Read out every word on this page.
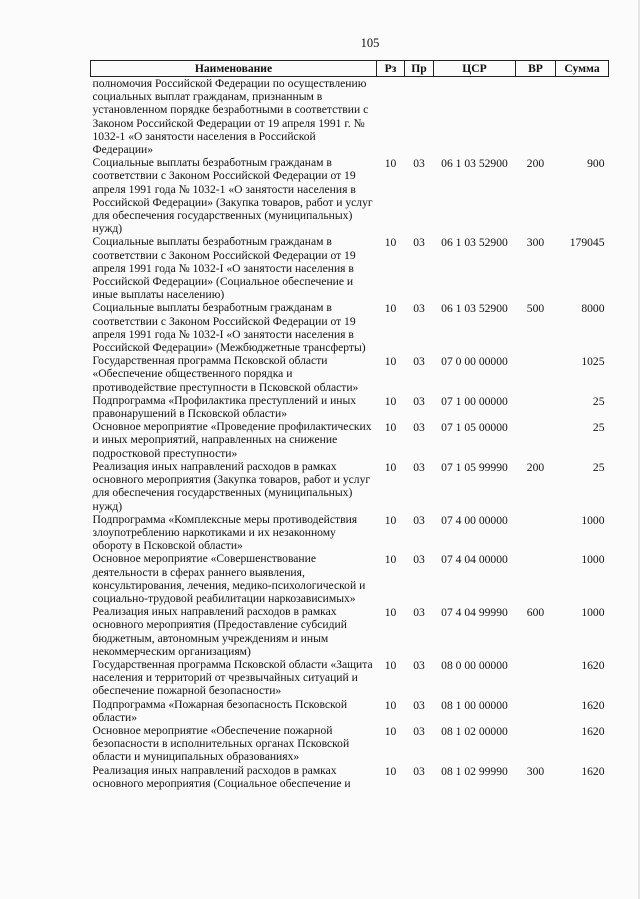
105
Наименование	Рз	Пр	ЦСР	ВР	Сумма
полномочия Российской Федерации по осуществлению социальных выплат гражданам, признанным в установленном порядке безработными в соответствии с Законом Российской Федерации от 19 апреля 1991 г. № 1032-1 «О занятости населения в Российской Федерации»					
Социальные выплаты безработным гражданам в соответствии с Законом Российской Федерации от 19 апреля 1991 года № 1032-1 «О занятости населения в Российской Федерации» (Закупка товаров, работ и услуг для обеспечения государственных (муниципальных) нужд)	10	03	06 1 03 52900	200	900
Социальные выплаты безработным гражданам в соответствии с Законом Российской Федерации от 19 апреля 1991 года № 1032-I «О занятости населения в Российской Федерации» (Социальное обеспечение и иные выплаты населению)	10	03	06 1 03 52900	300	179045
Социальные выплаты безработным гражданам в соответствии с Законом Российской Федерации от 19 апреля 1991 года № 1032-I «О занятости населения в Российской Федерации» (Межбюджетные трансферты)	10	03	06 1 03 52900	500	8000
Государственная программа Псковской области «Обеспечение общественного порядка и противодействие преступности в Псковской области»	10	03	07 0 00 00000		1025
Подпрограмма «Профилактика преступлений и иных правонарушений в Псковской области»	10	03	07 1 00 00000		25
Основное мероприятие «Проведение профилактических и иных мероприятий, направленных на снижение подростковой преступности»	10	03	07 1 05 00000		25
Реализация иных направлений расходов в рамках основного мероприятия (Закупка товаров, работ и услуг для обеспечения государственных (муниципальных) нужд)	10	03	07 1 05 99990	200	25
Подпрограмма «Комплексные меры противодействия злоупотреблению наркотиками и их незаконному обороту в Псковской области»	10	03	07 4 00 00000		1000
Основное мероприятие «Совершенствование деятельности в сферах раннего выявления, консультирования, лечения, медико-психологической и социально-трудовой реабилитации наркозависимых»	10	03	07 4 04 00000		1000
Реализация иных направлений расходов в рамках основного мероприятия (Предоставление субсидий бюджетным, автономным учреждениям и иным некоммерческим организациям)	10	03	07 4 04 99990	600	1000
Государственная программа Псковской области «Защита населения и территорий от чрезвычайных ситуаций и обеспечение пожарной безопасности»	10	03	08 0 00 00000		1620
Подпрограмма «Пожарная безопасность Псковской области»	10	03	08 1 00 00000		1620
Основное мероприятие «Обеспечение пожарной безопасности в исполнительных органах Псковской области и муниципальных образованиях»	10	03	08 1 02 00000		1620
Реализация иных направлений расходов в рамках основного мероприятия (Социальное обеспечение и	10	03	08 1 02 99990	300	1620
